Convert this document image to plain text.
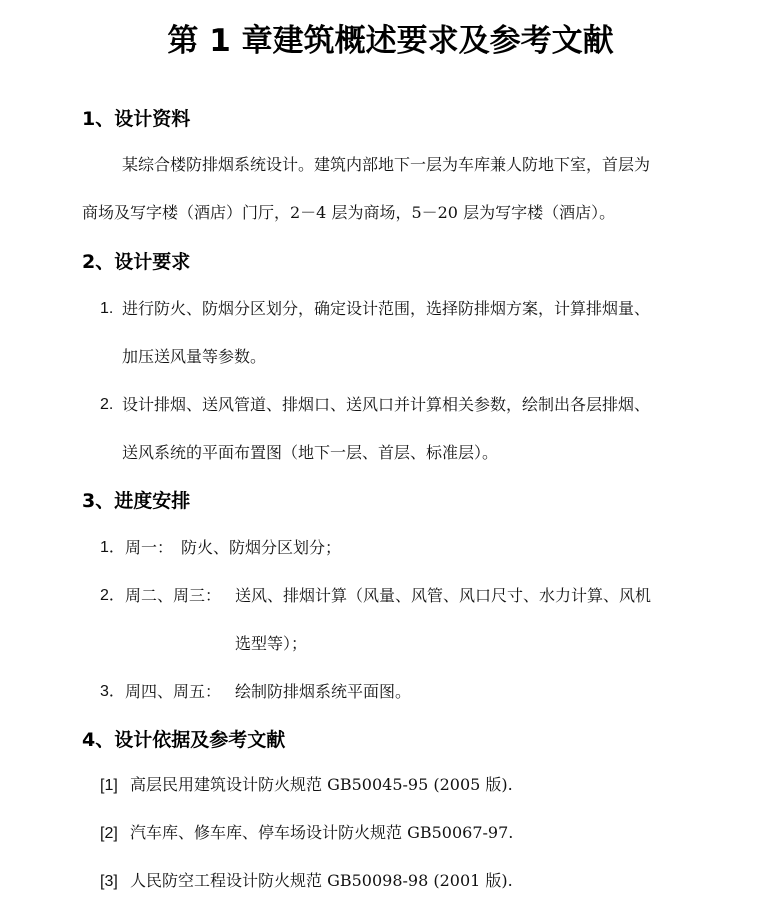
第 1 章建筑概述要求及参考文献
1、设计资料
某综合楼防排烟系统设计。建筑内部地下一层为车库兼人防地下室，首层为
商场及写字楼（酒店）门厅，2－4 层为商场，5－20 层为写字楼（酒店）。
2、设计要求
1. 进行防火、防烟分区划分，确定设计范围，选择防排烟方案，计算排烟量、
加压送风量等参数。
2. 设计排烟、送风管道、排烟口、送风口并计算相关参数，绘制出各层排烟、
送风系统的平面布置图（地下一层、首层、标准层）。
3、进度安排
1． 周一： 防火、防烟分区划分；
2． 周二、周三： 送风、排烟计算（风量、风管、风口尺寸、水力计算、风机
选型等）；
3． 周四、周五： 绘制防排烟系统平面图。
4、设计依据及参考文献
[1] 高层民用建筑设计防火规范 GB50045-95 (2005 版).
[2] 汽车库、修车库、停车场设计防火规范 GB50067-97.
[3] 人民防空工程设计防火规范 GB50098-98 (2001 版).
